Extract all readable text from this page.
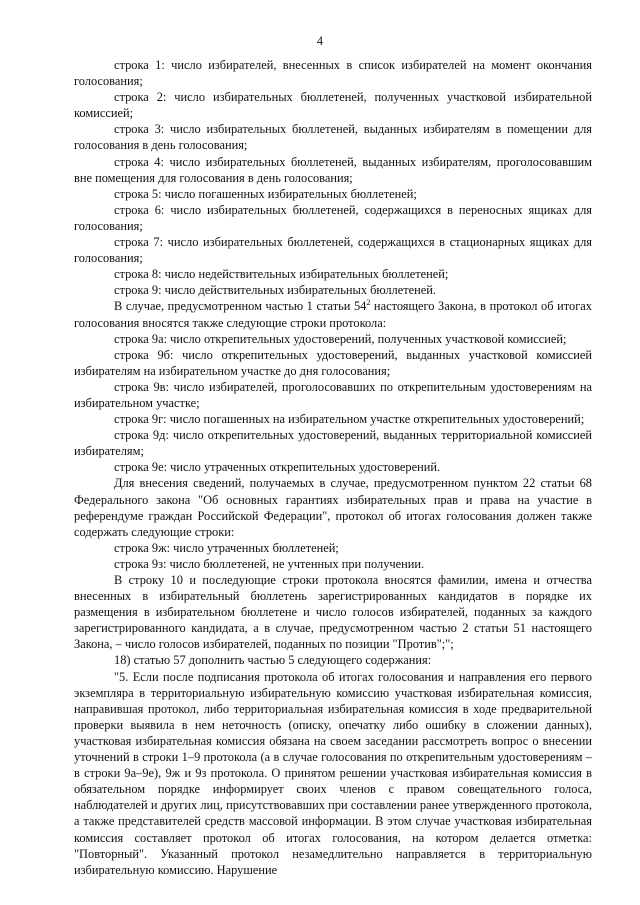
4

строка 1: число избирателей, внесенных в список избирателей на момент окончания голосования;

строка 2: число избирательных бюллетеней, полученных участковой избирательной комиссией;

строка 3: число избирательных бюллетеней, выданных избирателям в помещении для голосования в день голосования;

строка 4: число избирательных бюллетеней, выданных избирателям, проголосовавшим вне помещения для голосования в день голосования;

строка 5: число погашенных избирательных бюллетеней;

строка 6: число избирательных бюллетеней, содержащихся в переносных ящиках для голосования;

строка 7: число избирательных бюллетеней, содержащихся в стационарных ящиках для голосования;

строка 8: число недействительных избирательных бюллетеней;

строка 9: число действительных избирательных бюллетеней.

В случае, предусмотренном частью 1 статьи $54^2$ настоящего Закона, в протокол об итогах голосования вносятся также следующие строки протокола:

строка 9а: число открепительных удостоверений, полученных участковой комиссией;

строка 9б: число открепительных удостоверений, выданных участковой комиссией избирателям на избирательном участке до дня голосования;

строка 9в: число избирателей, проголосовавших по открепительным удостоверениям на избирательном участке;

строка 9г: число погашенных на избирательном участке открепительных удостоверений;

строка 9д: число открепительных удостоверений, выданных территориальной комиссией избирателям;

строка 9е: число утраченных открепительных удостоверений.

Для внесения сведений, получаемых в случае, предусмотренном пунктом 22 статьи 68 Федерального закона "Об основных гарантиях избирательных прав и права на участие в референдуме граждан Российской Федерации", протокол об итогах голосования должен также содержать следующие строки:

строка 9ж: число утраченных бюллетеней;

строка 9з: число бюллетеней, не учтенных при получении.

В строку 10 и последующие строки протокола вносятся фамилии, имена и отчества внесенных в избирательный бюллетень зарегистрированных кандидатов в порядке их размещения в избирательном бюллетене и число голосов избирателей, поданных за каждого зарегистрированного кандидата, а в случае, предусмотренном частью 2 статьи 51 настоящего Закона, – число голосов избирателей, поданных по позиции "Против";";

18) статью 57 дополнить частью 5 следующего содержания:

"5. Если после подписания протокола об итогах голосования и направления его первого экземпляра в территориальную избирательную комиссию участковая избирательная комиссия, направившая протокол, либо территориальная избирательная комиссия в ходе предварительной проверки выявила в нем неточность (описку, опечатку либо ошибку в сложении данных), участковая избирательная комиссия обязана на своем заседании рассмотреть вопрос о внесении уточнений в строки 1–9 протокола (а в случае голосования по открепительным удостоверениям – в строки 9а–9е), 9ж и 9з протокола. О принятом решении участковая избирательная комиссия в обязательном порядке информирует своих членов с правом совещательного голоса, наблюдателей и других лиц, присутствовавших при составлении ранее утвержденного протокола, а также представителей средств массовой информации. В этом случае участковая избирательная комиссия составляет протокол об итогах голосования, на котором делается отметка: "Повторный". Указанный протокол незамедлительно направляется в территориальную избирательную комиссию. Нарушение
